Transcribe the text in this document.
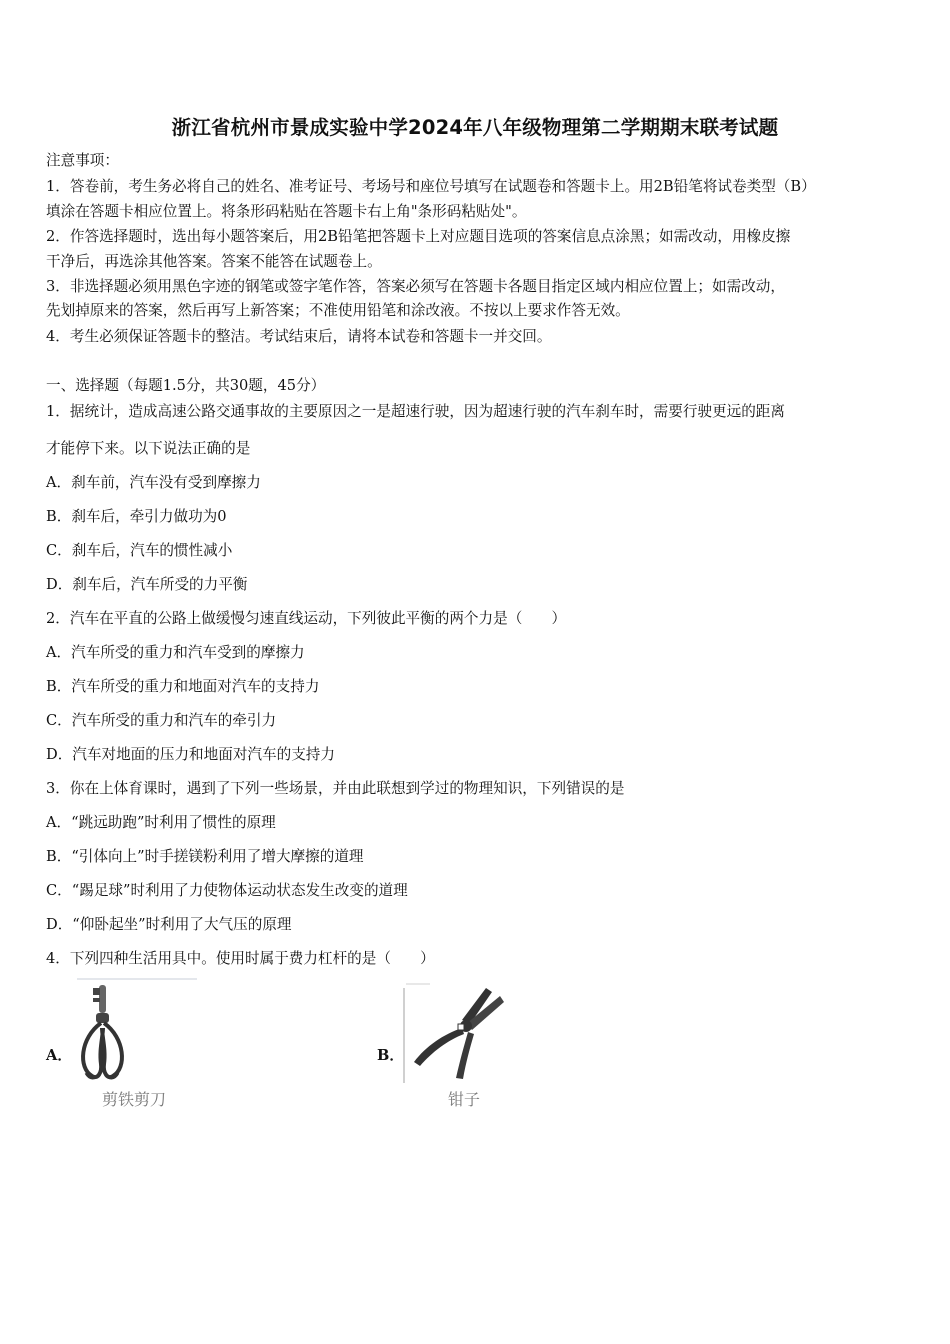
浙江省杭州市景成实验中学2024年八年级物理第二学期期末联考试题
注意事项：
1．答卷前，考生务必将自己的姓名、准考证号、考场号和座位号填写在试题卷和答题卡上。用2B铅笔将试卷类型（B）
填涂在答题卡相应位置上。将条形码粘贴在答题卡右上角"条形码粘贴处"。
2．作答选择题时，选出每小题答案后，用2B铅笔把答题卡上对应题目选项的答案信息点涂黑；如需改动，用橡皮擦
干净后，再选涂其他答案。答案不能答在试题卷上。
3．非选择题必须用黑色字迹的钢笔或签字笔作答，答案必须写在答题卡各题目指定区域内相应位置上；如需改动，
先划掉原来的答案，然后再写上新答案；不准使用铅笔和涂改液。不按以上要求作答无效。
4．考生必须保证答题卡的整洁。考试结束后，请将本试卷和答题卡一并交回。
一、选择题（每题1.5分，共30题，45分）
1．据统计，造成高速公路交通事故的主要原因之一是超速行驶，因为超速行驶的汽车刹车时，需要行驶更远的距离
才能停下来。以下说法正确的是
A．刹车前，汽车没有受到摩擦力
B．刹车后，牵引力做功为0
C．刹车后，汽车的惯性减小
D．刹车后，汽车所受的力平衡
2．汽车在平直的公路上做缓慢匀速直线运动，下列彼此平衡的两个力是（　　）
A．汽车所受的重力和汽车受到的摩擦力
B．汽车所受的重力和地面对汽车的支持力
C．汽车所受的重力和汽车的牵引力
D．汽车对地面的压力和地面对汽车的支持力
3．你在上体育课时，遇到了下列一些场景，并由此联想到学过的物理知识，下列错误的是
A．“跳远助跑”时利用了惯性的原理
B．“引体向上”时手搓镁粉利用了增大摩擦的道理
C．“踢足球”时利用了力使物体运动状态发生改变的道理
D．“仰卧起坐”时利用了大气压的原理
4．下列四种生活用具中。使用时属于费力杠杆的是（　　）
A．
剪铁剪刀
B．
钳子
